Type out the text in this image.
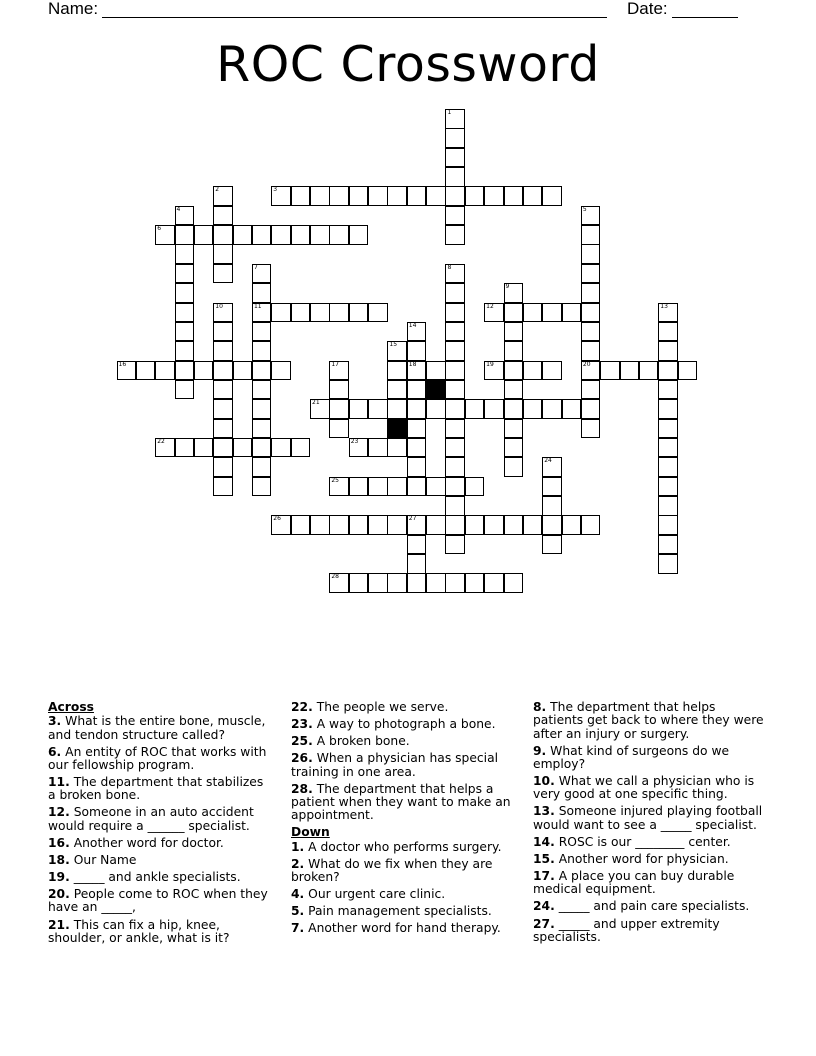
Name:	Date:
ROC Crossword
1
2	3
4	5
20
6
7
11
8
9
10	12	13
14
18
15
16	17	19
21
22	23
24
25
26	27
28
Across
3. What is the entire bone, muscle, and tendon structure called?
6. An entity of ROC that works with our fellowship program.
11. The department that stabilizes a broken bone.
12. Someone in an auto accident would require a ______ specialist.
16. Another word for doctor.
18. Our Name
19. _____ and ankle specialists.
20. People come to ROC when they have an _____,
21. This can fix a hip, knee, shoulder, or ankle, what is it?
22. The people we serve.
23. A way to photograph a bone.
25. A broken bone.
26. When a physician has special training in one area.
28. The department that helps a patient when they want to make an appointment.
Down
1. A doctor who performs surgery.
2. What do we fix when they are broken?
4. Our urgent care clinic.
5. Pain management specialists.
7. Another word for hand therapy.
8. The department that helps patients get back to where they were after an injury or surgery.
9. What kind of surgeons do we employ?
10. What we call a physician who is very good at one specific thing.
13. Someone injured playing football would want to see a _____ specialist.
14. ROSC is our ________ center.
15. Another word for physician.
17. A place you can buy durable medical equipment.
24. _____ and pain care specialists.
27. _____ and upper extremity specialists.
